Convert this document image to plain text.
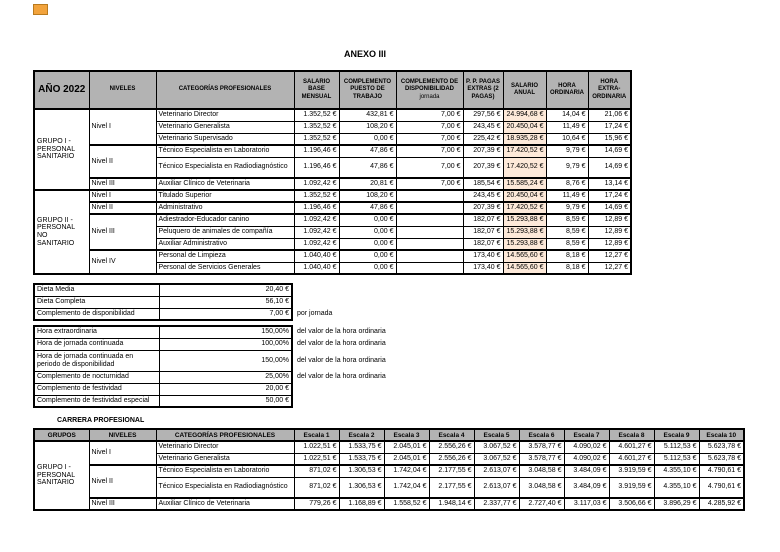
ANEXO III
AÑO 2022	NIVELES	CATEGORÍAS PROFESIONALES	SALARIO BASE MENSUAL	COMPLEMENTO PUESTO DE TRABAJO	COMPLEMENTO DE DISPONIBILIDAD
jornada	P. P. PAGAS EXTRAS (2 PAGAS)	SALARIO ANUAL	HORA ORDINARIA	HORA EXTRA-ORDINARIA
GRUPO I - PERSONAL SANITARIO	Nivel I	Veterinario Director	1.352,52 €	432,81 €	7,00 €	297,56 €	24.994,68 €	14,04 €	21,06 €
		Veterinario Generalista	1.352,52 €	108,20 €	7,00 €	243,45 €	20.450,04 €	11,49 €	17,24 €
		Veterinario Supervisado	1.352,52 €	0,00 €	7,00 €	225,42 €	18.935,28 €	10,64 €	15,96 €
	Nivel II	Técnico Especialista en Laboratorio	1.196,46 €	47,86 €	7,00 €	207,39 €	17.420,52 €	9,79 €	14,69 €
		Técnico Especialista en Radiodiagnóstico	1.196,46 €	47,86 €	7,00 €	207,39 €	17.420,52 €	9,79 €	14,69 €
	Nivel III	Auxiliar Clínico de Veterinaria	1.092,42 €	20,81 €	7,00 €	185,54 €	15.585,24 €	8,76 €	13,14 €
GRUPO II - PERSONAL NO SANITARIO	Nivel I	Titulado Superior	1.352,52 €	108,20 €		243,45 €	20.450,04 €	11,49 €	17,24 €
	Nivel II	Administrativo	1.196,46 €	47,86 €		207,39 €	17.420,52 €	9,79 €	14,69 €
	Nivel III	Adiestrador-Educador canino	1.092,42 €	0,00 €		182,07 €	15.293,88 €	8,59 €	12,89 €
		Peluquero de animales de compañía	1.092,42 €	0,00 €		182,07 €	15.293,88 €	8,59 €	12,89 €
		Auxiliar Administrativo	1.092,42 €	0,00 €		182,07 €	15.293,88 €	8,59 €	12,89 €
	Nivel IV	Personal de Limpieza	1.040,40 €	0,00 €		173,40 €	14.565,60 €	8,18 €	12,27 €
		Personal de Servicios Generales	1.040,40 €	0,00 €		173,40 €	14.565,60 €	8,18 €	12,27 €
Dieta Media	20,40 €	
Dieta Completa	56,10 €	
Complemento de disponibilidad	7,00 €	por jornada
Hora extraordinaria	150,00%	del valor de la hora ordinaria
Hora de jornada continuada	100,00%	del valor de la hora ordinaria
Hora de jornada continuada en periodo de disponibilidad	150,00%	del valor de la hora ordinaria
Complemento de nocturnidad	25,00%	del valor de la hora ordinaria
Complemento de festividad	20,00 €	
Complemento de festividad especial	50,00 €	
CARRERA PROFESIONAL
GRUPOS	NIVELES	CATEGORÍAS PROFESIONALES	Escala 1	Escala 2	Escala 3	Escala 4	Escala 5	Escala 6	Escala 7	Escala 8	Escala 9	Escala 10
GRUPO I - PERSONAL SANITARIO	Nivel I	Veterinario Director	1.022,51 €	1.533,75 €	2.045,01 €	2.556,26 €	3.067,52 €	3.578,77 €	4.090,02 €	4.601,27 €	5.112,53 €	5.623,78 €
		Veterinario Generalista	1.022,51 €	1.533,75 €	2.045,01 €	2.556,26 €	3.067,52 €	3.578,77 €	4.090,02 €	4.601,27 €	5.112,53 €	5.623,78 €
	Nivel II	Técnico Especialista en Laboratorio	871,02 €	1.306,53 €	1.742,04 €	2.177,55 €	2.613,07 €	3.048,58 €	3.484,09 €	3.919,59 €	4.355,10 €	4.790,61 €
		Técnico Especialista en Radiodiagnóstico	871,02 €	1.306,53 €	1.742,04 €	2.177,55 €	2.613,07 €	3.048,58 €	3.484,09 €	3.919,59 €	4.355,10 €	4.790,61 €
	Nivel III	Auxiliar Clínico de Veterinaria	779,26 €	1.168,89 €	1.558,52 €	1.948,14 €	2.337,77 €	2.727,40 €	3.117,03 €	3.506,66 €	3.896,29 €	4.285,92 €
